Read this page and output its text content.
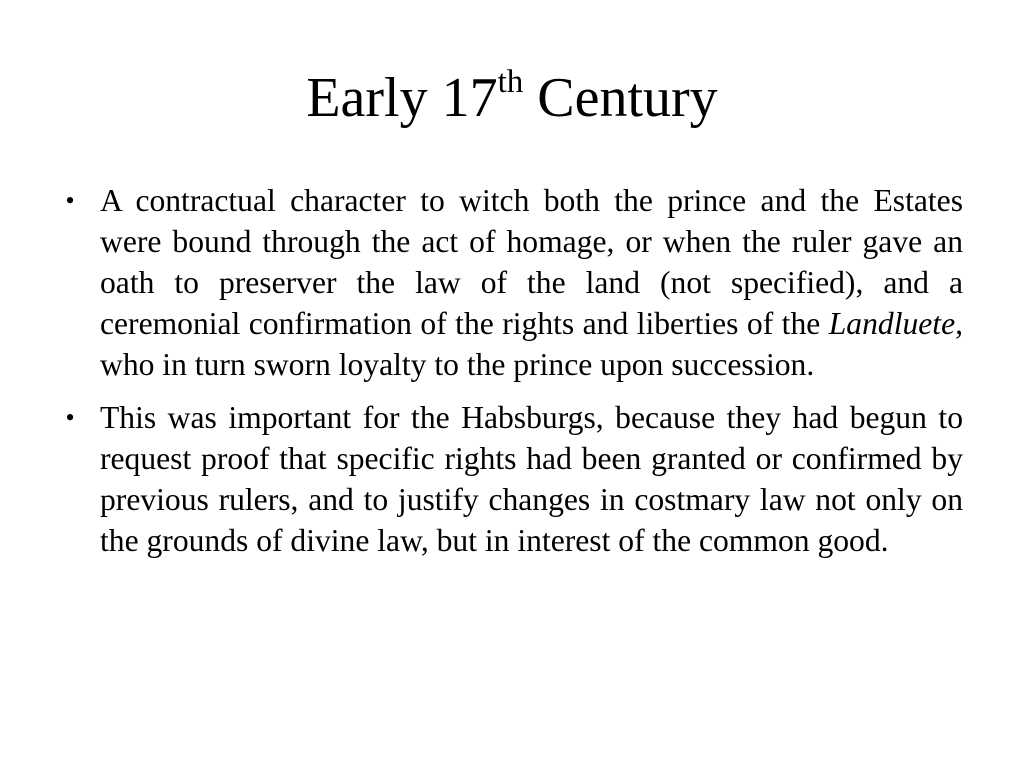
Early 17th Century
• A contractual character to witch both the prince and the Estates were bound through the act of homage, or when the ruler gave an oath to preserver the law of the land (not specified), and a ceremonial confirmation of the rights and liberties of the Landluete, who in turn sworn loyalty to the prince upon succession.
• This was important for the Habsburgs, because they had begun to request proof that specific rights had been granted or confirmed by previous rulers, and to justify changes in costmary law not only on the grounds of divine law, but in interest of the common good.
